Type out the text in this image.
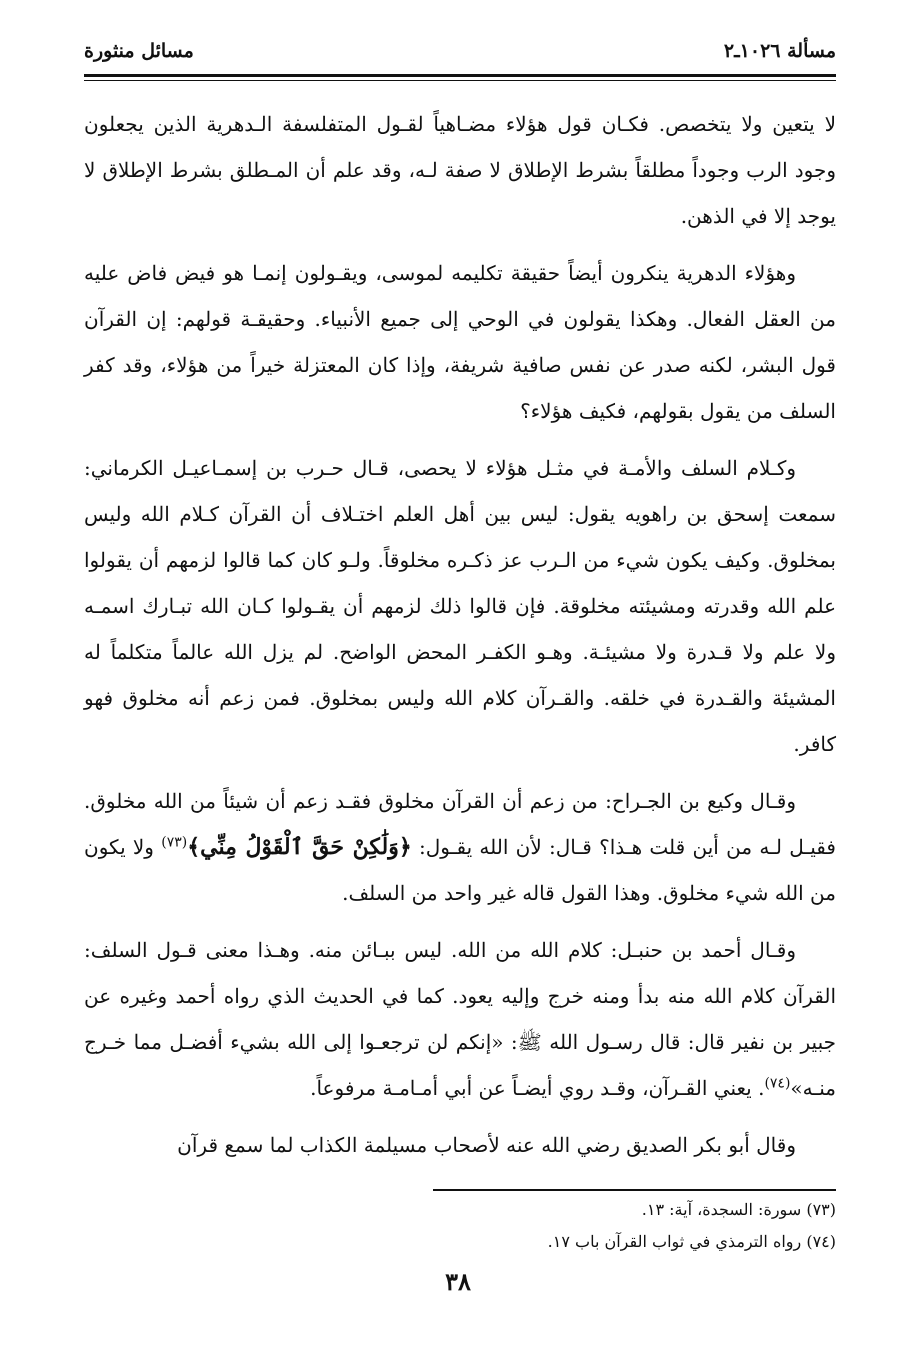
مسألة ١٠٢٦ـ٢
مسائل منثورة

لا يتعين ولا يتخصص. فكـان قول هؤلاء مضـاهياً لقـول المتفلسفة الـدهرية الذين يجعلون وجود الرب وجوداً مطلقاً بشرط الإطلاق لا صفة لـه، وقد علم أن المـطلق بشرط الإطلاق لا يوجد إلا في الذهن.

وهؤلاء الدهرية ينكرون أيضاً حقيقة تكليمه لموسى، ويقـولون إنمـا هو فيض فاض عليه من العقل الفعال. وهكذا يقولون في الوحي إلى جميع الأنبياء. وحقيقـة قولهم: إن القرآن قول البشر، لكنه صدر عن نفس صافية شريفة، وإذا كان المعتزلة خيراً من هؤلاء، وقد كفر السلف من يقول بقولهم، فكيف هؤلاء؟

وكـلام السلف والأمـة في مثـل هؤلاء لا يحصى، قـال حـرب بن إسمـاعيـل الكرماني: سمعت إسحق بن راهويه يقول: ليس بين أهل العلم اختـلاف أن القرآن كـلام الله وليس بمخلوق. وكيف يكون شيء من الـرب عز ذكـره مخلوقاً. ولـو كان كما قالوا لزمهم أن يقولوا علم الله وقدرته ومشيئته مخلوقة. فإن قالوا ذلك لزمهم أن يقـولوا كـان الله تبـارك اسمـه ولا علم ولا قـدرة ولا مشيئـة. وهـو الكفـر المحض الواضح. لم يزل الله عالماً متكلماً له المشيئة والقـدرة في خلقه. والقـرآن كلام الله وليس بمخلوق. فمن زعم أنه مخلوق فهو كافر.

وقـال وكيع بن الجـراح: من زعم أن القرآن مخلوق فقـد زعم أن شيئاً من الله مخلوق. فقيـل لـه من أين قلت هـذا؟ قـال: لأن الله يقـول: ﴿وَلَٰكِنْ حَقَّ ٱلْقَوْلُ مِنِّي﴾$^{(٧٣)}$ ولا يكون من الله شيء مخلوق. وهذا القول قاله غير واحد من السلف.

وقـال أحمد بن حنبـل: كلام الله من الله. ليس ببـائن منه. وهـذا معنى قـول السلف: القرآن كلام الله منه بدأ ومنه خرج وإليه يعود. كما في الحديث الذي رواه أحمد وغيره عن جبير بن نفير قال: قال رسـول الله ﷺ: «إنكم لن ترجعـوا إلى الله بشيء أفضـل مما خـرج منـه»$^{(٧٤)}$. يعني القـرآن، وقـد روي أيضـاً عن أبي أمـامـة مرفوعاً.

وقال أبو بكر الصديق رضي الله عنه لأصحاب مسيلمة الكذاب لما سمع قرآن

(٧٣) سورة: السجدة، آية: ١٣.
(٧٤) رواه الترمذي في ثواب القرآن باب ١٧.
٣٨
